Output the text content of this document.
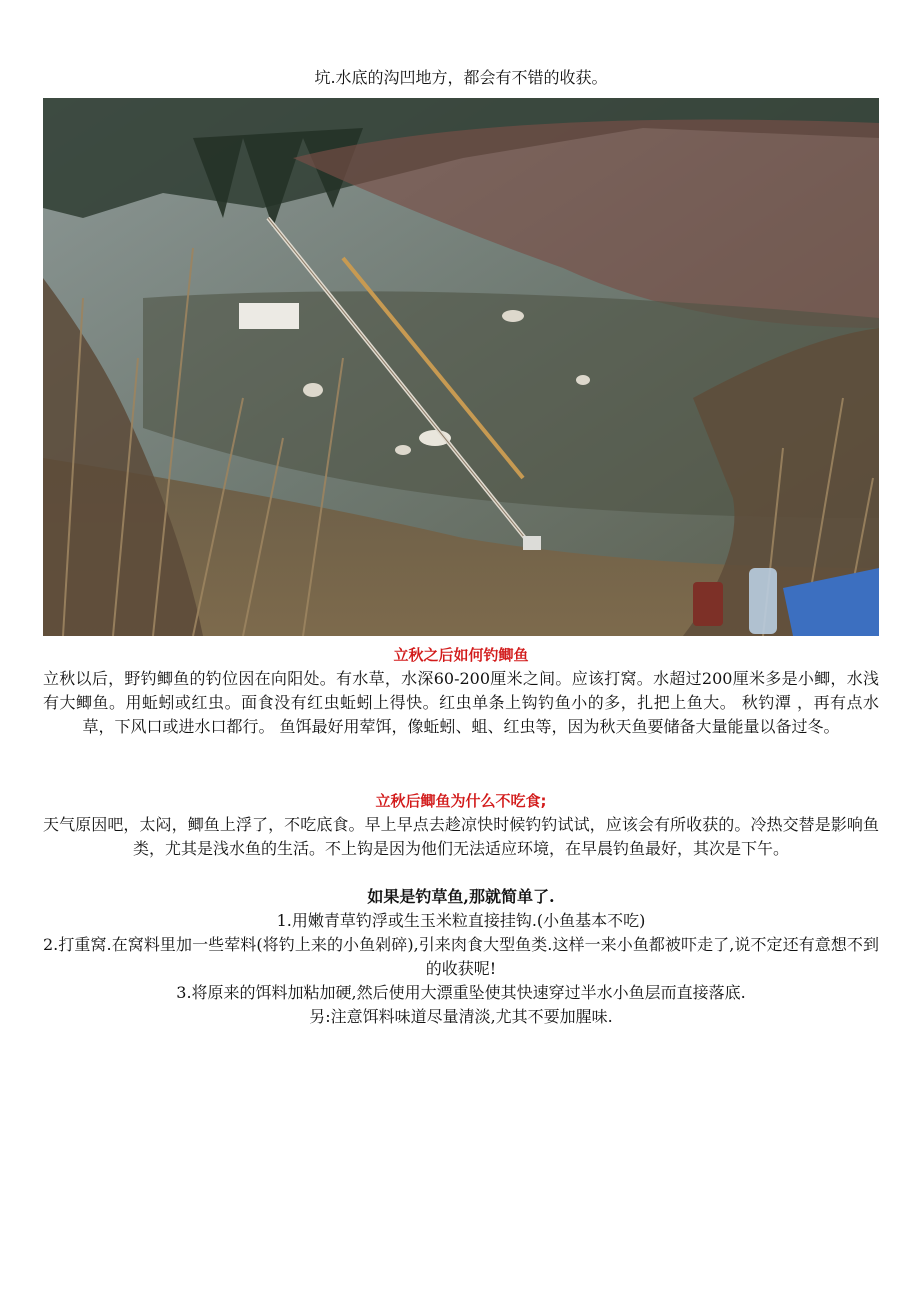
坑.水底的沟凹地方，都会有不错的收获。
立秋之后如何钓鲫鱼
立秋以后，野钓鲫鱼的钓位因在向阳处。有水草，水深60-200厘米之间。应该打窝。水超过200厘米多是小鲫，水浅有大鲫鱼。用蚯蚓或红虫。面食没有红虫蚯蚓上得快。红虫单条上钩钓鱼小的多，扎把上鱼大。 秋钓潭 ，再有点水草，下风口或进水口都行。 鱼饵最好用荤饵，像蚯蚓、蛆、红虫等，因为秋天鱼要储备大量能量以备过冬。
立秋后鲫鱼为什么不吃食;
天气原因吧，太闷，鲫鱼上浮了，不吃底食。早上早点去趁凉快时候钓钓试试，应该会有所收获的。冷热交替是影响鱼类，尤其是浅水鱼的生活。不上钩是因为他们无法适应环境，在早晨钓鱼最好，其次是下午。
如果是钓草鱼,那就简单了.
1.用嫩青草钓浮或生玉米粒直接挂钩.(小鱼基本不吃)
2.打重窝.在窝料里加一些荤料(将钓上来的小鱼剁碎),引来肉食大型鱼类.这样一来小鱼都被吓走了,说不定还有意想不到的收获呢!
3.将原来的饵料加粘加硬,然后使用大漂重坠使其快速穿过半水小鱼层而直接落底.
另:注意饵料味道尽量清淡,尤其不要加腥味.
